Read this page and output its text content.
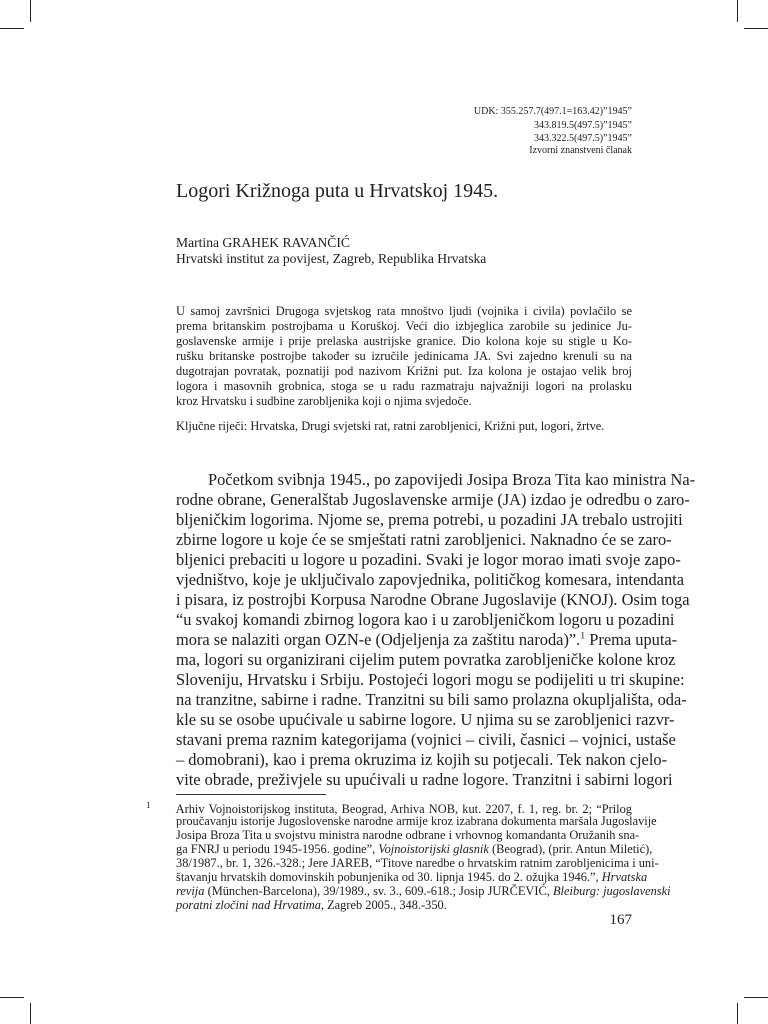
UDK: 355.257.7(497.1=163.42)”1945”
343.819.5(497.5)”1945”
343.322.5(497.5)”1945”
Izvorni znanstveni članak
Logori Križnoga puta u Hrvatskoj 1945.
Martina GRAHEK RAVANČIĆ
Hrvatski institut za povijest, Zagreb, Republika Hrvatska
U samoj završnici Drugoga svjetskog rata mnoštvo ljudi (vojnika i civila) povlačilo se
prema britanskim postrojbama u Koruškoj. Veći dio izbjeglica zarobile su jedinice Ju-
goslavenske armije i prije prelaska austrijske granice. Dio kolona koje su stigle u Ko-
rušku britanske postrojbe također su izručile jedinicama JA. Svi zajedno krenuli su na
dugotrajan povratak, poznatiji pod nazivom Križni put. Iza kolona je ostajao velik broj
logora i masovnih grobnica, stoga se u radu razmatraju najvažniji logori na prolasku
kroz Hrvatsku i sudbine zarobljenika koji o njima svjedoče.
Ključne riječi: Hrvatska, Drugi svjetski rat, ratni zarobljenici, Križni put, logori, žrtve.
Početkom svibnja 1945., po zapovijedi Josipa Broza Tita kao ministra Na-
rodne obrane, Generalštab Jugoslavenske armije (JA) izdao je odredbu o zaro-
bljeničkim logorima. Njome se, prema potrebi, u pozadini JA trebalo ustrojiti
zbirne logore u koje će se smještati ratni zarobljenici. Naknadno će se zaro-
bljenici prebaciti u logore u pozadini. Svaki je logor morao imati svoje zapo-
vjedništvo, koje je uključivalo zapovjednika, političkog komesara, intendanta
i pisara, iz postrojbi Korpusa Narodne Obrane Jugoslavije (KNOJ). Osim toga
“u svakoj komandi zbirnog logora kao i u zarobljeničkom logoru u pozadini
mora se nalaziti organ OZN-e (Odjeljenja za zaštitu naroda)”.$^1$ Prema uputa-
ma, logori su organizirani cijelim putem povratka zarobljeničke kolone kroz
Sloveniju, Hrvatsku i Srbiju. Postojeći logori mogu se podijeliti u tri skupine:
na tranzitne, sabirne i radne. Tranzitni su bili samo prolazna okupljališta, oda-
kle su se osobe upućivale u sabirne logore. U njima su se zarobljenici razvr-
stavani prema raznim kategorijama (vojnici – civili, časnici – vojnici, ustaše
– domobrani), kao i prema okruzima iz kojih su potjecali. Tek nakon cjelo-
vite obrade, preživjele su upućivali u radne logore. Tranzitni i sabirni logori
$^1$ Arhiv Vojnoistorijskog instituta, Beograd, Arhiva NOB, kut. 2207, f. 1, reg. br. 2; “Prilog
proučavanju istorije Jugoslovenske narodne armije kroz izabrana dokumenta maršala Jugoslavije
Josipa Broza Tita u svojstvu ministra narodne odbrane i vrhovnog komandanta Oružanih sna-
ga FNRJ u periodu 1945-1956. godine”, Vojnoistorijski glasnik (Beograd), (prir. Antun Miletić),
38/1987., br. 1, 326.-328.; Jere JAREB, “Titove naredbe o hrvatskim ratnim zarobljenicima i uni-
štavanju hrvatskih domovinskih pobunjenika od 30. lipnja 1945. do 2. ožujka 1946.”, Hrvatska
revija (München-Barcelona), 39/1989., sv. 3., 609.-618.; Josip JURČEVIĆ, Bleiburg: jugoslavenski
poratni zločini nad Hrvatima, Zagreb 2005., 348.-350.
167
